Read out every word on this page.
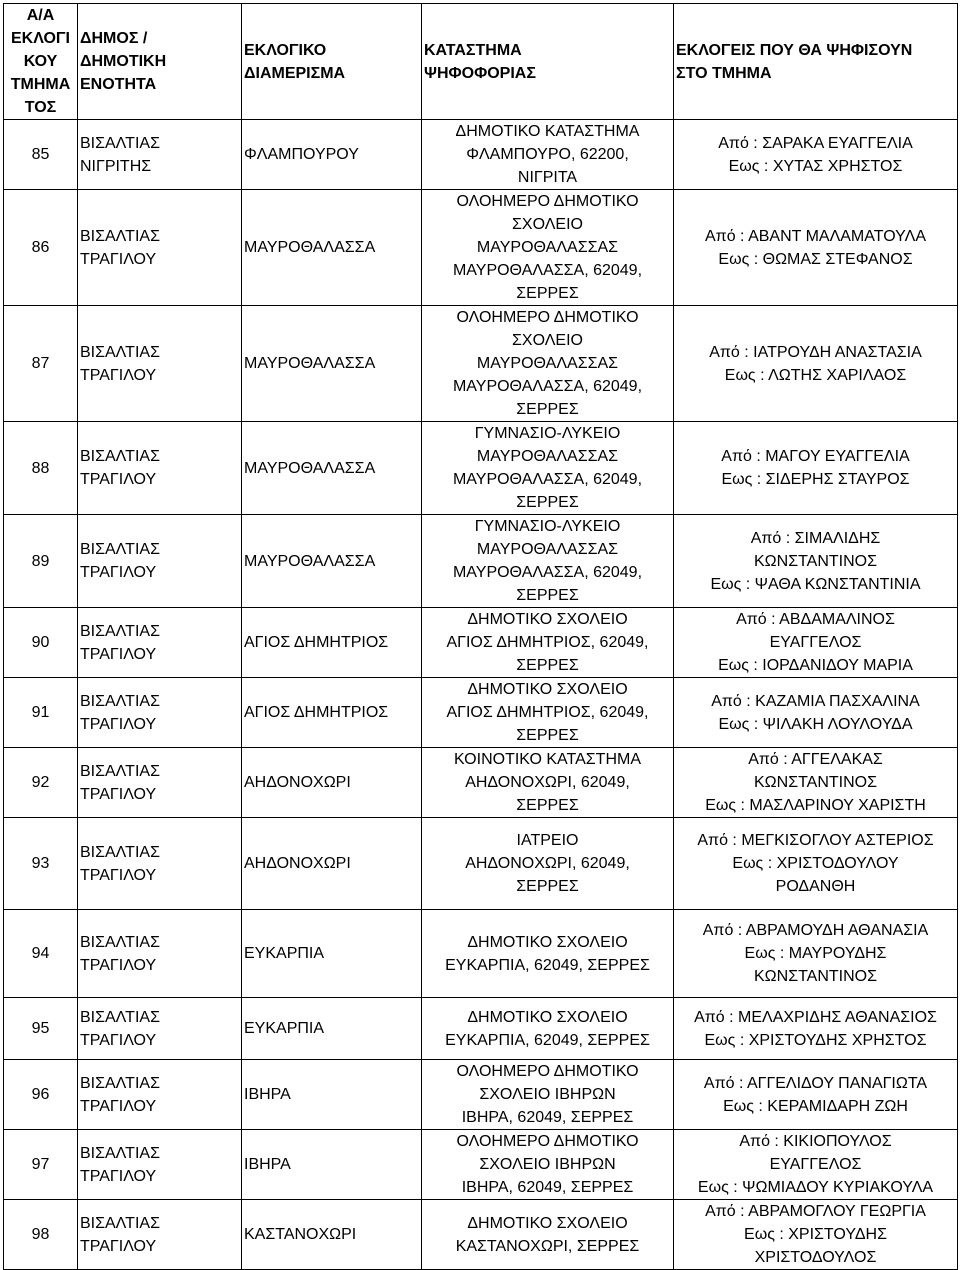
Α/Α
ΕΚΛΟΓΙ
ΚΟΥ
ΤΜΗΜΑ
ΤΟΣ	ΔΗΜΟΣ /
ΔΗΜΟΤΙΚΗ
ΕΝΟΤΗΤΑ	ΕΚΛΟΓΙΚΟ
ΔΙΑΜΕΡΙΣΜΑ	ΚΑΤΑΣΤΗΜΑ
ΨΗΦΟΦΟΡΙΑΣ	ΕΚΛΟΓΕΙΣ ΠΟΥ ΘΑ ΨΗΦΙΣΟΥΝ
ΣΤΟ ΤΜΗΜΑ

85	ΒΙΣΑΛΤΙΑΣ
ΝΙΓΡΙΤΗΣ	ΦΛΑΜΠΟΥΡΟΥ	ΔΗΜΟΤΙΚΟ ΚΑΤΑΣΤΗΜΑ
ΦΛΑΜΠΟΥΡΟ, 62200,
ΝΙΓΡΙΤΑ	Από : ΣΑΡΑΚΑ ΕΥΑΓΓΕΛΙΑ
Εως : ΧΥΤΑΣ ΧΡΗΣΤΟΣ

86	ΒΙΣΑΛΤΙΑΣ
ΤΡΑΓΙΛΟΥ	ΜΑΥΡΟΘΑΛΑΣΣΑ	ΟΛΟΗΜΕΡΟ ΔΗΜΟΤΙΚΟ
ΣΧΟΛΕΙΟ
ΜΑΥΡΟΘΑΛΑΣΣΑΣ
ΜΑΥΡΟΘΑΛΑΣΣΑ, 62049,
ΣΕΡΡΕΣ	Από : ΑΒΑΝΤ ΜΑΛΑΜΑΤΟΥΛΑ
Εως : ΘΩΜΑΣ ΣΤΕΦΑΝΟΣ

87	ΒΙΣΑΛΤΙΑΣ
ΤΡΑΓΙΛΟΥ	ΜΑΥΡΟΘΑΛΑΣΣΑ	ΟΛΟΗΜΕΡΟ ΔΗΜΟΤΙΚΟ
ΣΧΟΛΕΙΟ
ΜΑΥΡΟΘΑΛΑΣΣΑΣ
ΜΑΥΡΟΘΑΛΑΣΣΑ, 62049,
ΣΕΡΡΕΣ	Από : ΙΑΤΡΟΥΔΗ ΑΝΑΣΤΑΣΙΑ
Εως : ΛΩΤΗΣ ΧΑΡΙΛΑΟΣ

88	ΒΙΣΑΛΤΙΑΣ
ΤΡΑΓΙΛΟΥ	ΜΑΥΡΟΘΑΛΑΣΣΑ	ΓΥΜΝΑΣΙΟ-ΛΥΚΕΙΟ
ΜΑΥΡΟΘΑΛΑΣΣΑΣ
ΜΑΥΡΟΘΑΛΑΣΣΑ, 62049,
ΣΕΡΡΕΣ	Από : ΜΑΓΟΥ ΕΥΑΓΓΕΛΙΑ
Εως : ΣΙΔΕΡΗΣ ΣΤΑΥΡΟΣ

89	ΒΙΣΑΛΤΙΑΣ
ΤΡΑΓΙΛΟΥ	ΜΑΥΡΟΘΑΛΑΣΣΑ	ΓΥΜΝΑΣΙΟ-ΛΥΚΕΙΟ
ΜΑΥΡΟΘΑΛΑΣΣΑΣ
ΜΑΥΡΟΘΑΛΑΣΣΑ, 62049,
ΣΕΡΡΕΣ	Από : ΣΙΜΑΛΙΔΗΣ
ΚΩΝΣΤΑΝΤΙΝΟΣ
Εως : ΨΑΘΑ ΚΩΝΣΤΑΝΤΙΝΙΑ

90	ΒΙΣΑΛΤΙΑΣ
ΤΡΑΓΙΛΟΥ	ΑΓΙΟΣ ΔΗΜΗΤΡΙΟΣ	ΔΗΜΟΤΙΚΟ ΣΧΟΛΕΙΟ
ΑΓΙΟΣ ΔΗΜΗΤΡΙΟΣ, 62049,
ΣΕΡΡΕΣ	Από : ΑΒΔΑΜΑΛΙΝΟΣ
ΕΥΑΓΓΕΛΟΣ
Εως : ΙΟΡΔΑΝΙΔΟΥ ΜΑΡΙΑ

91	ΒΙΣΑΛΤΙΑΣ
ΤΡΑΓΙΛΟΥ	ΑΓΙΟΣ ΔΗΜΗΤΡΙΟΣ	ΔΗΜΟΤΙΚΟ ΣΧΟΛΕΙΟ
ΑΓΙΟΣ ΔΗΜΗΤΡΙΟΣ, 62049,
ΣΕΡΡΕΣ	Από : ΚΑΖΑΜΙΑ ΠΑΣΧΑΛΙΝΑ
Εως : ΨΙΛΑΚΗ ΛΟΥΛΟΥΔΑ

92	ΒΙΣΑΛΤΙΑΣ
ΤΡΑΓΙΛΟΥ	ΑΗΔΟΝΟΧΩΡΙ	ΚΟΙΝΟΤΙΚΟ ΚΑΤΑΣΤΗΜΑ
ΑΗΔΟΝΟΧΩΡΙ, 62049,
ΣΕΡΡΕΣ	Από : ΑΓΓΕΛΑΚΑΣ
ΚΩΝΣΤΑΝΤΙΝΟΣ
Εως : ΜΑΣΛΑΡΙΝΟΥ ΧΑΡΙΣΤΗ

93	ΒΙΣΑΛΤΙΑΣ
ΤΡΑΓΙΛΟΥ	ΑΗΔΟΝΟΧΩΡΙ	ΙΑΤΡΕΙΟ
ΑΗΔΟΝΟΧΩΡΙ, 62049,
ΣΕΡΡΕΣ	Από : ΜΕΓΚΙΣΟΓΛΟΥ ΑΣΤΕΡΙΟΣ
Εως : ΧΡΙΣΤΟΔΟΥΛΟΥ
ΡΟΔΑΝΘΗ

94	ΒΙΣΑΛΤΙΑΣ
ΤΡΑΓΙΛΟΥ	ΕΥΚΑΡΠΙΑ	ΔΗΜΟΤΙΚΟ ΣΧΟΛΕΙΟ
ΕΥΚΑΡΠΙΑ, 62049, ΣΕΡΡΕΣ	Από : ΑΒΡΑΜΟΥΔΗ ΑΘΑΝΑΣΙΑ
Εως : ΜΑΥΡΟΥΔΗΣ
ΚΩΝΣΤΑΝΤΙΝΟΣ

95	ΒΙΣΑΛΤΙΑΣ
ΤΡΑΓΙΛΟΥ	ΕΥΚΑΡΠΙΑ	ΔΗΜΟΤΙΚΟ ΣΧΟΛΕΙΟ
ΕΥΚΑΡΠΙΑ, 62049, ΣΕΡΡΕΣ	Από : ΜΕΛΑΧΡΙΔΗΣ ΑΘΑΝΑΣΙΟΣ
Εως : ΧΡΙΣΤΟΥΔΗΣ ΧΡΗΣΤΟΣ

96	ΒΙΣΑΛΤΙΑΣ
ΤΡΑΓΙΛΟΥ	ΙΒΗΡΑ	ΟΛΟΗΜΕΡΟ ΔΗΜΟΤΙΚΟ
ΣΧΟΛΕΙΟ ΙΒΗΡΩΝ
ΙΒΗΡΑ, 62049, ΣΕΡΡΕΣ	Από : ΑΓΓΕΛΙΔΟΥ ΠΑΝΑΓΙΩΤΑ
Εως : ΚΕΡΑΜΙΔΑΡΗ ΖΩΗ

97	ΒΙΣΑΛΤΙΑΣ
ΤΡΑΓΙΛΟΥ	ΙΒΗΡΑ	ΟΛΟΗΜΕΡΟ ΔΗΜΟΤΙΚΟ
ΣΧΟΛΕΙΟ ΙΒΗΡΩΝ
ΙΒΗΡΑ, 62049, ΣΕΡΡΕΣ	Από : ΚΙΚΙΟΠΟΥΛΟΣ
ΕΥΑΓΓΕΛΟΣ
Εως : ΨΩΜΙΑΔΟΥ ΚΥΡΙΑΚΟΥΛΑ

98	ΒΙΣΑΛΤΙΑΣ
ΤΡΑΓΙΛΟΥ	ΚΑΣΤΑΝΟΧΩΡΙ	ΔΗΜΟΤΙΚΟ ΣΧΟΛΕΙΟ
ΚΑΣΤΑΝΟΧΩΡΙ, ΣΕΡΡΕΣ	Από : ΑΒΡΑΜΟΓΛΟΥ ΓΕΩΡΓΙΑ
Εως : ΧΡΙΣΤΟΥΔΗΣ
ΧΡΙΣΤΟΔΟΥΛΟΣ
